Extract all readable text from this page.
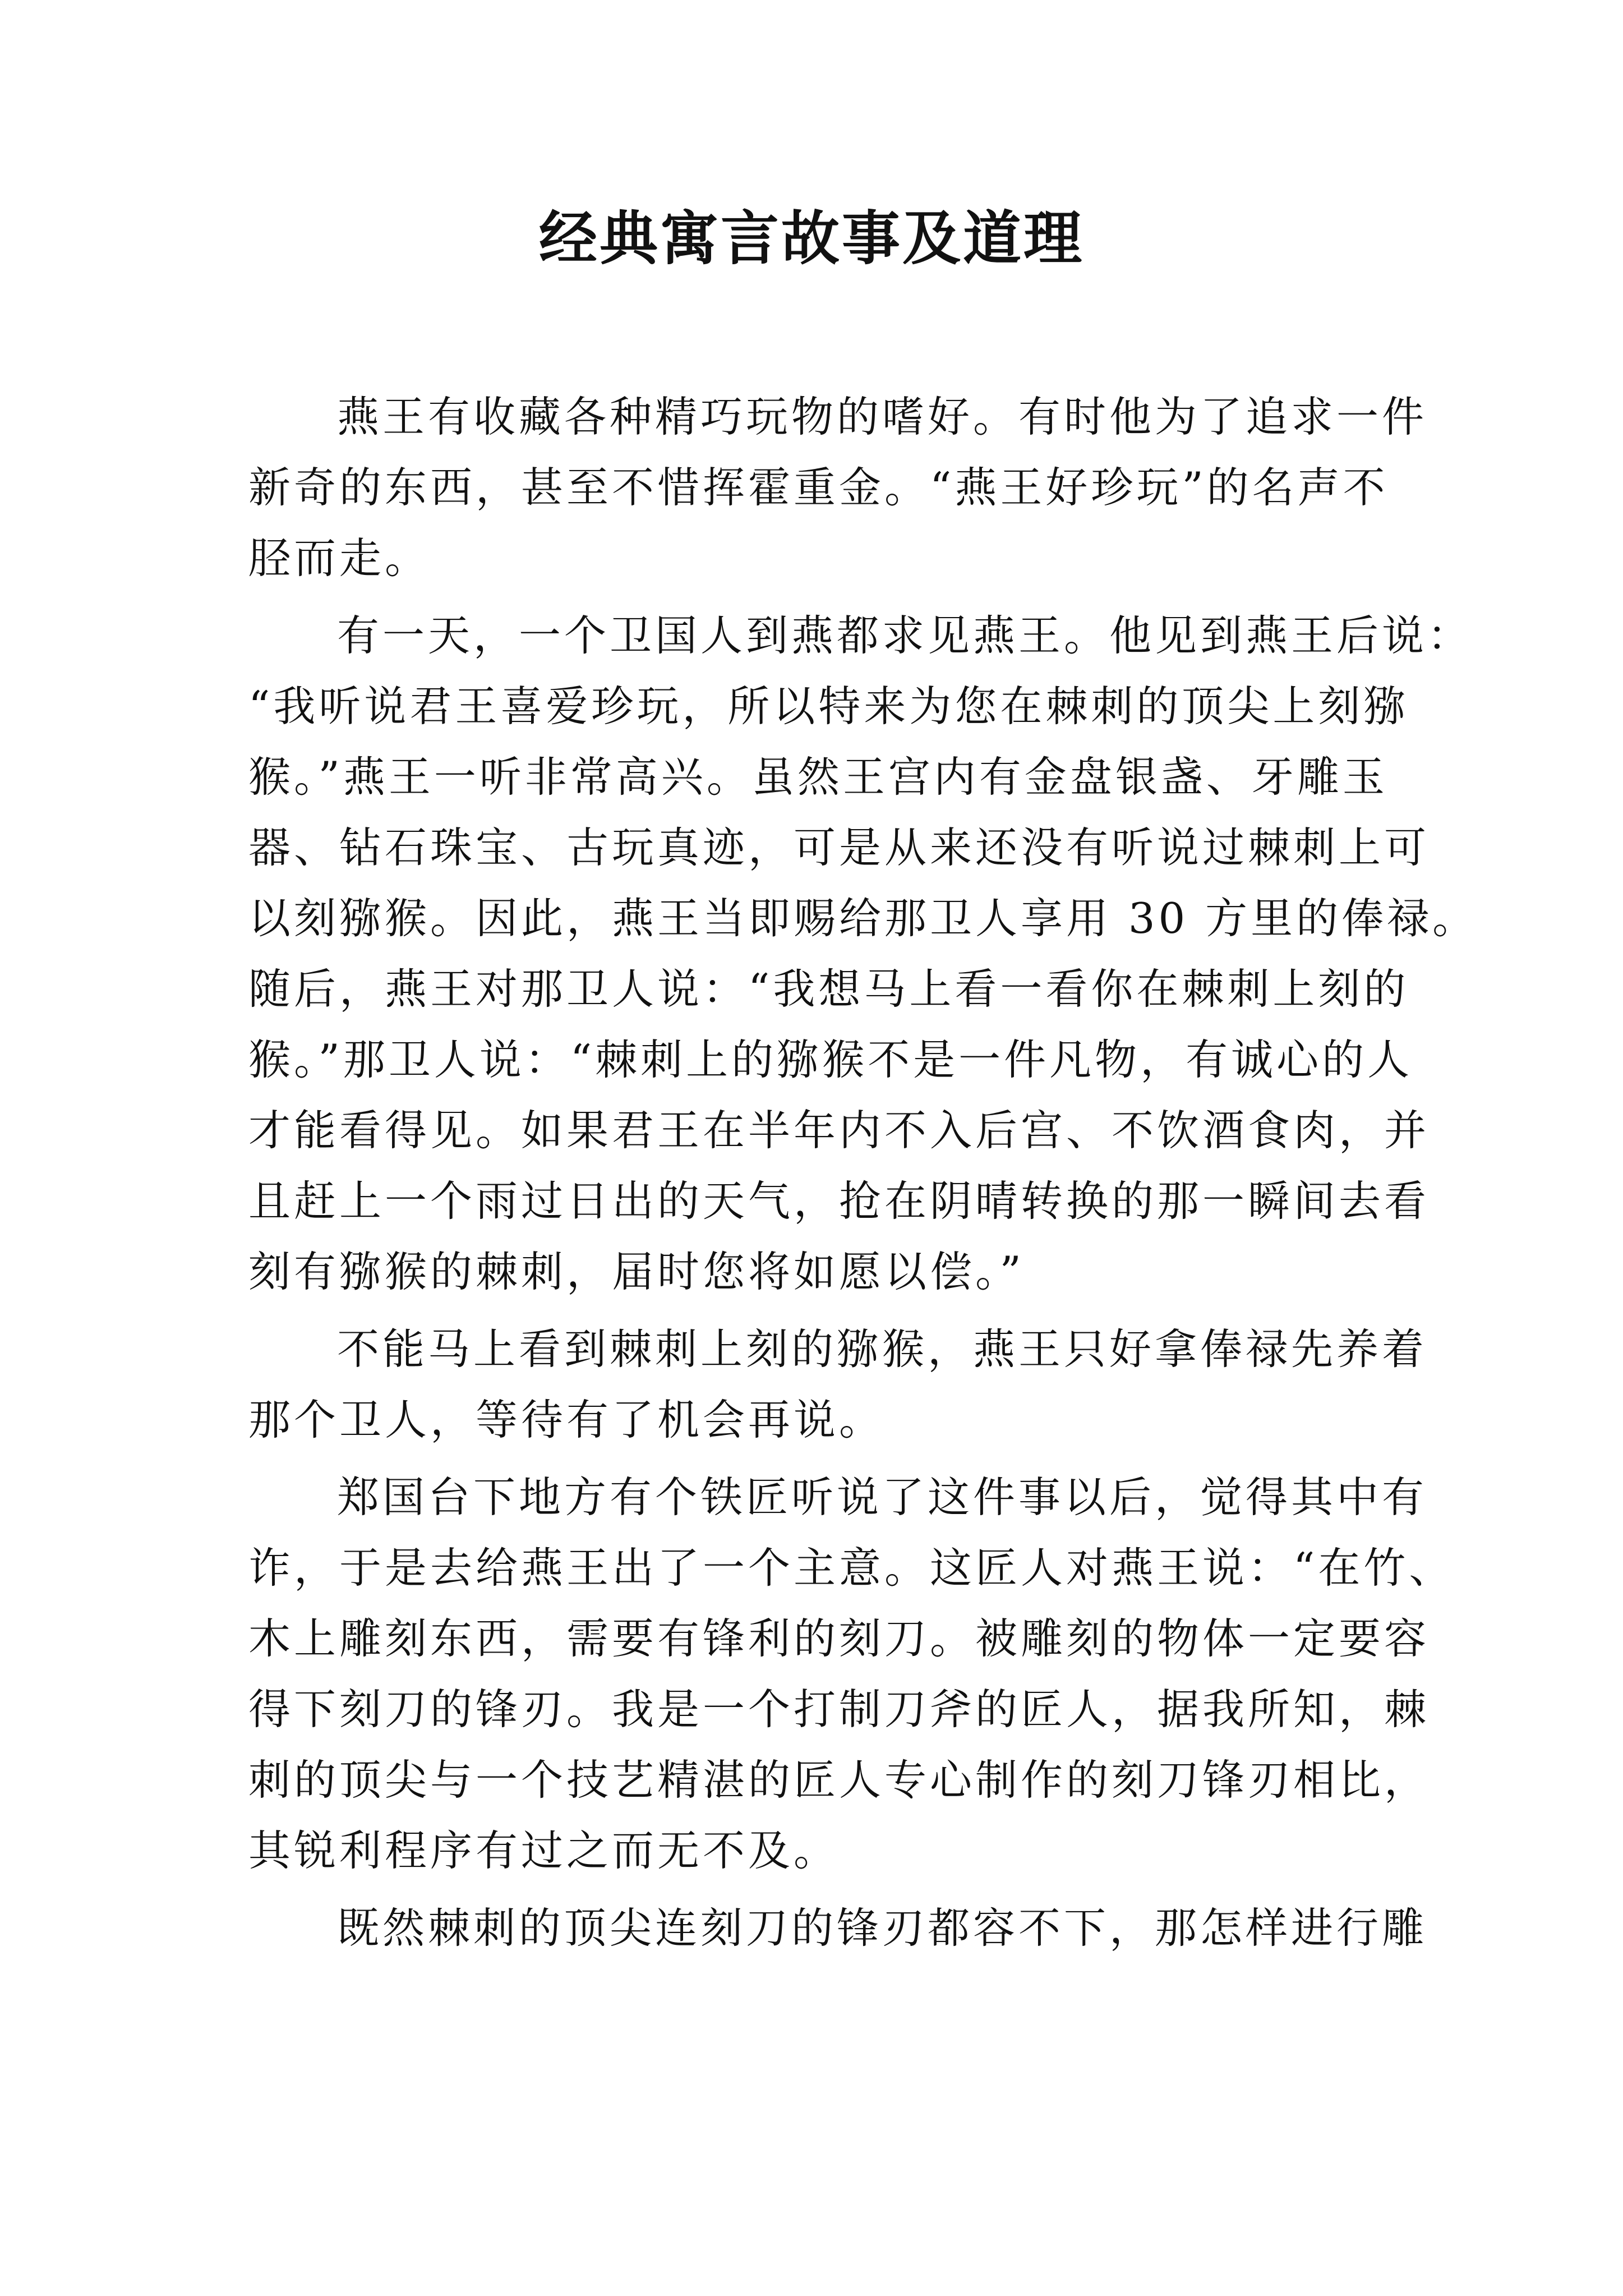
经典寓言故事及道理
燕王有收藏各种精巧玩物的嗜好。有时他为了追求一件
新奇的东西，甚至不惜挥霍重金。“燕王好珍玩”的名声不
胫而走。
有一天，一个卫国人到燕都求见燕王。他见到燕王后说：
“我听说君王喜爱珍玩，所以特来为您在棘刺的顶尖上刻猕
猴。”燕王一听非常高兴。虽然王宫内有金盘银盏、牙雕玉
器、钻石珠宝、古玩真迹，可是从来还没有听说过棘刺上可
以刻猕猴。因此，燕王当即赐给那卫人享用 30 方里的俸禄。
随后，燕王对那卫人说：“我想马上看一看你在棘刺上刻的
猴。”那卫人说：“棘刺上的猕猴不是一件凡物，有诚心的人
才能看得见。如果君王在半年内不入后宫、不饮酒食肉，并
且赶上一个雨过日出的天气，抢在阴晴转换的那一瞬间去看
刻有猕猴的棘刺，届时您将如愿以偿。”
不能马上看到棘刺上刻的猕猴，燕王只好拿俸禄先养着
那个卫人，等待有了机会再说。
郑国台下地方有个铁匠听说了这件事以后，觉得其中有
诈，于是去给燕王出了一个主意。这匠人对燕王说：“在竹、
木上雕刻东西，需要有锋利的刻刀。被雕刻的物体一定要容
得下刻刀的锋刃。我是一个打制刀斧的匠人，据我所知，棘
刺的顶尖与一个技艺精湛的匠人专心制作的刻刀锋刃相比，
其锐利程序有过之而无不及。
既然棘刺的顶尖连刻刀的锋刃都容不下，那怎样进行雕
